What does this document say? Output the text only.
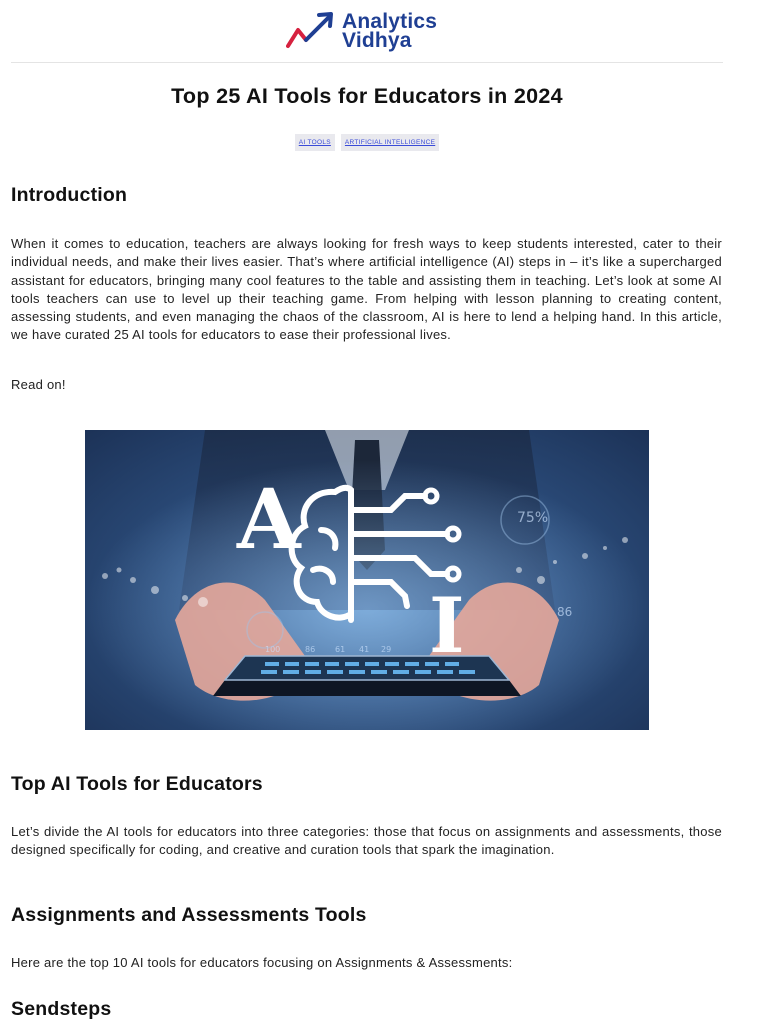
Analytics
Vidhya
Top 25 AI Tools for Educators in 2024
AI TOOLS	ARTIFICIAL INTELLIGENCE
Introduction

When it comes to education, teachers are always looking for fresh ways to keep students interested, cater to their individual needs, and make their lives easier. That’s where artificial intelligence (AI) steps in – it’s like a supercharged assistant for educators, bringing many cool features to the table and assisting them in teaching. Let’s look at some AI tools teachers can use to level up their teaching game. From helping with lesson planning to creating content, assessing students, and even managing the chaos of the classroom, AI is here to lend a helping hand. In this article, we have curated 25 AI tools for educators to ease their professional lives.

Read on!

A
I
75%
100	86 61 41 29
86
Top AI Tools for Educators

Let’s divide the AI tools for educators into three categories: those that focus on assignments and assessments, those designed specifically for coding, and creative and curation tools that spark the imagination.

Assignments and Assessments Tools

Here are the top 10 AI tools for educators focusing on Assignments & Assessments:

Sendsteps
